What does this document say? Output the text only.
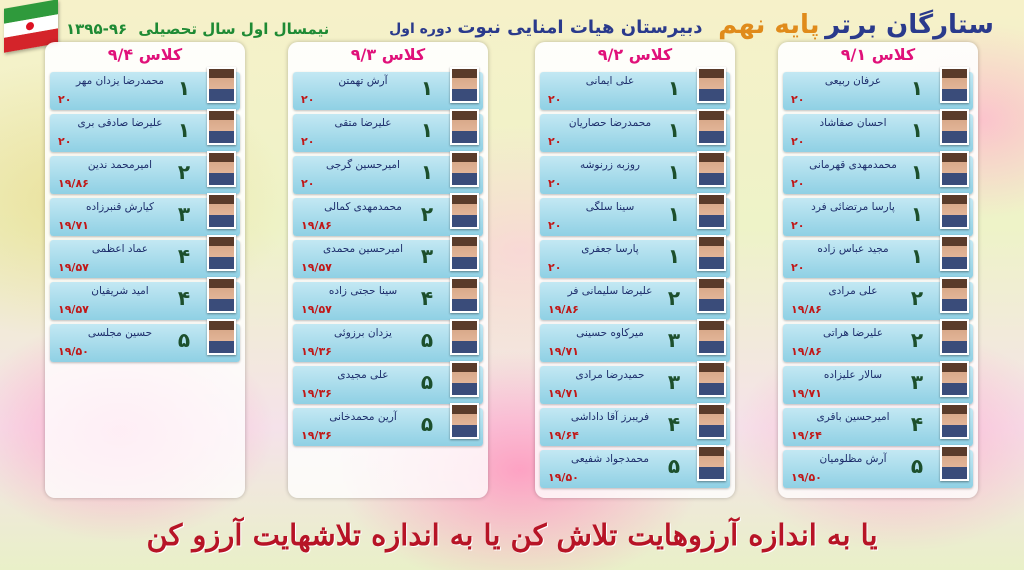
ستارگان برتر پایه نهم دبیرستان هیات امنایی نبوت دوره اول
نیمسال اول سال تحصیلی ۹۶-۱۳۹۵
کلاس ۹/۱
۱
عرفان ربیعی
۲۰
۱
احسان صفاشاد
۲۰
۱
محمدمهدی قهرمانی
۲۰
۱
پارسا مرتضائی فرد
۲۰
۱
مجید عباس زاده
۲۰
۲
علی مرادی
۱۹/۸۶
۲
علیرضا هراتی
۱۹/۸۶
۳
سالار علیزاده
۱۹/۷۱
۴
امیرحسین باقری
۱۹/۶۴
۵
آرش مظلومیان
۱۹/۵۰
کلاس ۹/۲
۱
علی ایمانی
۲۰
۱
محمدرضا حصاریان
۲۰
۱
روزبه زرنوشه
۲۰
۱
سینا سلگی
۲۰
۱
پارسا جعفری
۲۰
۲
علیرضا سلیمانی فر
۱۹/۸۶
۳
میرکاوه حسینی
۱۹/۷۱
۳
حمیدرضا مرادی
۱۹/۷۱
۴
فریبرز آقا داداشی
۱۹/۶۴
۵
محمدجواد شفیعی
۱۹/۵۰
کلاس ۹/۳
۱
آرش تهمتن
۲۰
۱
علیرضا متقی
۲۰
۱
امیرحسین گرجی
۲۰
۲
محمدمهدی کمالی
۱۹/۸۶
۳
امیرحسین محمدی
۱۹/۵۷
۴
سینا حجتی زاده
۱۹/۵۷
۵
یزدان برزوئی
۱۹/۳۶
۵
علی مجیدی
۱۹/۳۶
۵
آرین محمدخانی
۱۹/۳۶
کلاس ۹/۴
۱
محمدرضا یزدان مهر
۲۰
۱
علیرضا صادقی بری
۲۰
۲
امیرمحمد ندین
۱۹/۸۶
۳
کیارش قنبرزاده
۱۹/۷۱
۴
عماد اعظمی
۱۹/۵۷
۴
امید شریفیان
۱۹/۵۷
۵
حسین مجلسی
۱۹/۵۰
یا به اندازه آرزوهایت تلاش کن یا به اندازه تلاشهایت آرزو کن
